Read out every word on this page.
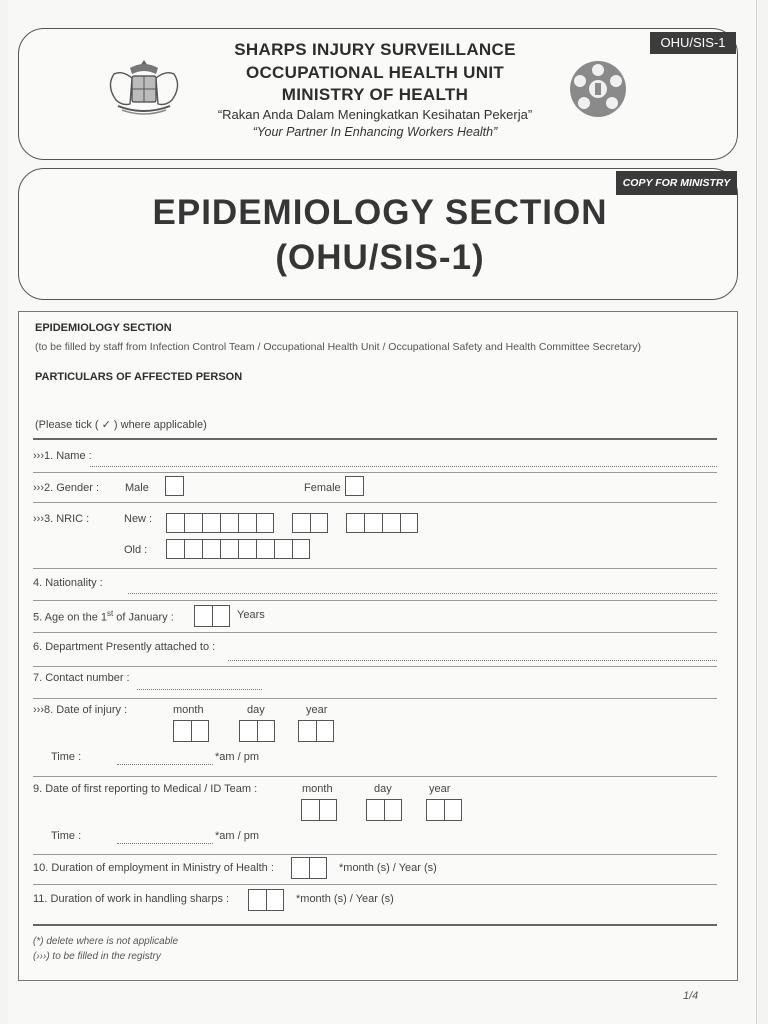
OHU/SIS-1
SHARPS INJURY SURVEILLANCE
OCCUPATIONAL HEALTH UNIT
MINISTRY OF HEALTH
“Rakan Anda Dalam Meningkatkan Kesihatan Pekerja”
“Your Partner In Enhancing Workers Health”
COPY FOR MINISTRY
EPIDEMIOLOGY SECTION
(OHU/SIS-1)
EPIDEMIOLOGY SECTION
(to be filled by staff from Infection Control Team / Occupational Health Unit / Occupational Safety and Health Committee Secretary)
PARTICULARS OF AFFECTED PERSON
(Please tick ( ✓ ) where applicable)
›››1. Name :
›››2. Gender : Male	Female
›››3. NRIC :	New :
Old :
4. Nationality :
5. Age on the 1st of January :	Years
6. Department Presently attached to :
7. Contact number :
›››8. Date of injury :	month	day	year
Time :	*am / pm
9. Date of first reporting to Medical / ID Team :	month	day	year
Time :	*am / pm
10. Duration of employment in Ministry of Health :	*month (s) / Year (s)
11. Duration of work in handling sharps :	*month (s) / Year (s)
(*) delete where is not applicable
(›››) to be filled in the registry
1/4
